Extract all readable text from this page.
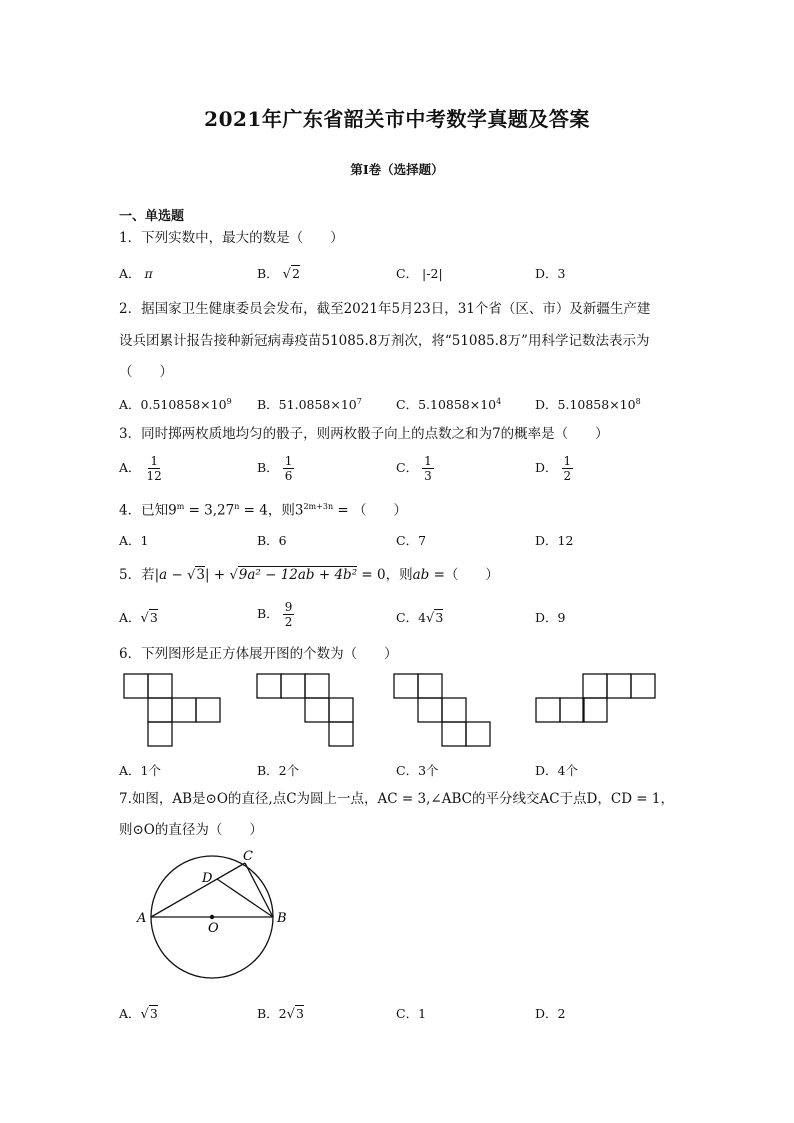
2021年广东省韶关市中考数学真题及答案
第I卷（选择题）
一、单选题
1．下列实数中，最大的数是（　　）
A． π	B． √2	C． |-2|	D．3
2．据国家卫生健康委员会发布，截至2021年5月23日，31个省（区、市）及新疆生产建
设兵团累计报告接种新冠病毒疫苗51085.8万剂次，将“51085.8万”用科学记数法表示为
（　　）
A．$0.510858\times 10^9$ B．$51.0858\times 10^7$	C．$5.10858\times 10^4$	D．$5.10858\times 10^8$
3．同时掷两枚质地均匀的骰子，则两枚骰子向上的点数之和为7的概率是（　　）
A． $\frac{1}{12}$	B． $\frac{1}{6}$	C． $\frac{1}{3}$	D． $\frac{1}{2}$
4．已知$9^m = 3,27^n = 4$，则$3^{2m+3n}$ = （　　）
A．1	B．6	C．7	D．12
5．若|a − √3| + √9a² − 12ab + 4b² = 0，则ab =（　　）
A．√3	B． $\frac{9}{2}$	C．4√3	D．9
6．下列图形是正方体展开图的个数为（　　）
A．1个	B．2个	C．3个	D．4个
7.如图，AB是⊙O的直径,点C为圆上一点，AC = 3,∠ABC的平分线交AC于点D，CD = 1，
则⊙O的直径为（　　）
A	B
C
D
O
A．√3	B．2√3	C．1	D．2
